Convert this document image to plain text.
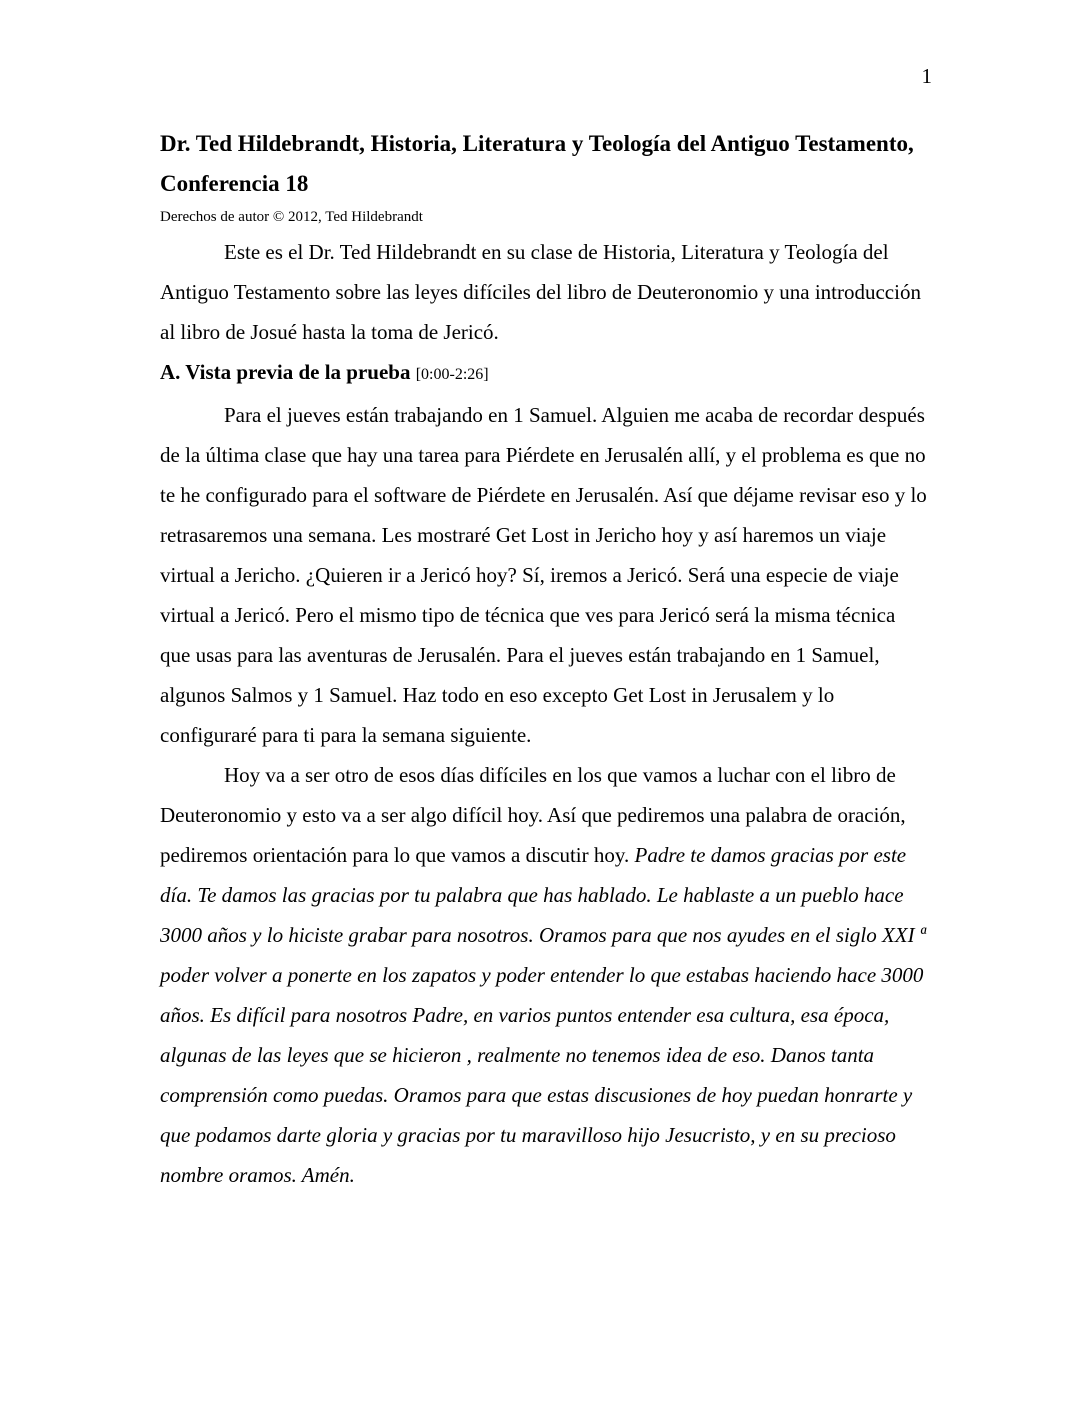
1
Dr. Ted Hildebrandt, Historia, Literatura y Teología del Antiguo Testamento, Conferencia 18
Derechos de autor © 2012, Ted Hildebrandt

Este es el Dr. Ted Hildebrandt en su clase de Historia, Literatura y Teología del Antiguo Testamento sobre las leyes difíciles del libro de Deuteronomio y una introducción al libro de Josué hasta la toma de Jericó.

A. Vista previa de la prueba [0:00-2:26]

Para el jueves están trabajando en 1 Samuel. Alguien me acaba de recordar después de la última clase que hay una tarea para Piérdete en Jerusalén allí, y el problema es que no te he configurado para el software de Piérdete en Jerusalén. Así que déjame revisar eso y lo retrasaremos una semana. Les mostraré Get Lost in Jericho hoy y así haremos un viaje virtual a Jericho. ¿Quieren ir a Jericó hoy? Sí, iremos a Jericó. Será una especie de viaje virtual a Jericó. Pero el mismo tipo de técnica que ves para Jericó será la misma técnica que usas para las aventuras de Jerusalén. Para el jueves están trabajando en 1 Samuel, algunos Salmos y 1 Samuel. Haz todo en eso excepto Get Lost in Jerusalem y lo configuraré para ti para la semana siguiente.

Hoy va a ser otro de esos días difíciles en los que vamos a luchar con el libro de Deuteronomio y esto va a ser algo difícil hoy. Así que pediremos una palabra de oración, pediremos orientación para lo que vamos a discutir hoy. Padre te damos gracias por este día. Te damos las gracias por tu palabra que has hablado. Le hablaste a un pueblo hace 3000 años y lo hiciste grabar para nosotros. Oramos para que nos ayudes en el siglo XXI ª poder volver a ponerte en los zapatos y poder entender lo que estabas haciendo hace 3000 años. Es difícil para nosotros Padre, en varios puntos entender esa cultura, esa época, algunas de las leyes que se hicieron , realmente no tenemos idea de eso. Danos tanta comprensión como puedas. Oramos para que estas discusiones de hoy puedan honrarte y que podamos darte gloria y gracias por tu maravilloso hijo Jesucristo, y en su precioso nombre oramos. Amén.
